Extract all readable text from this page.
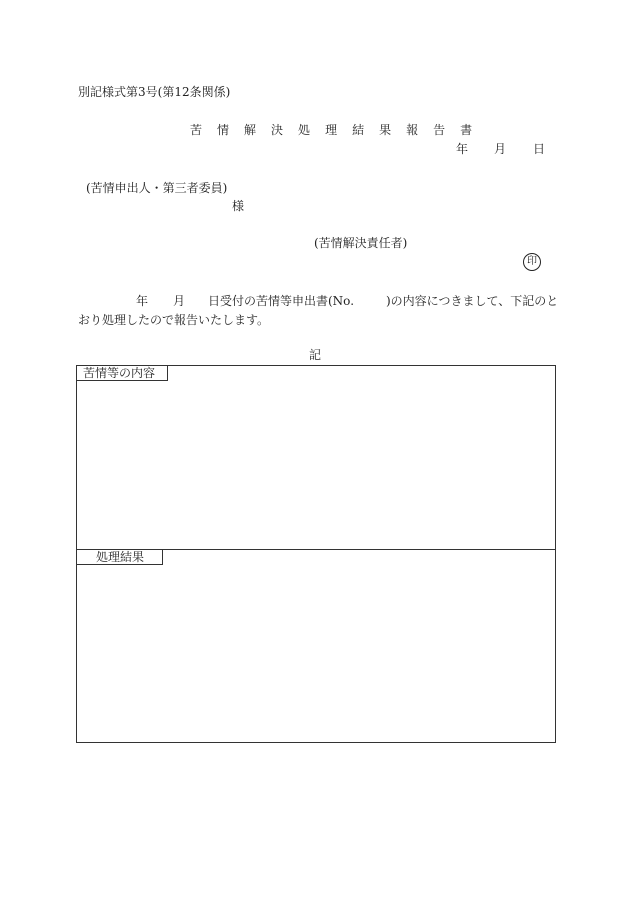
別記様式第3号(第12条関係)
苦 情 解 決 処 理 結 果 報 告 書
年 月 日
(苦情申出人・第三者委員)
様
(苦情解決責任者)
印
年 月 日受付の苦情等申出書(No.	)の内容につきまして、下記のと
おり処理したので報告いたします。
記
苦情等の内容
処理結果
